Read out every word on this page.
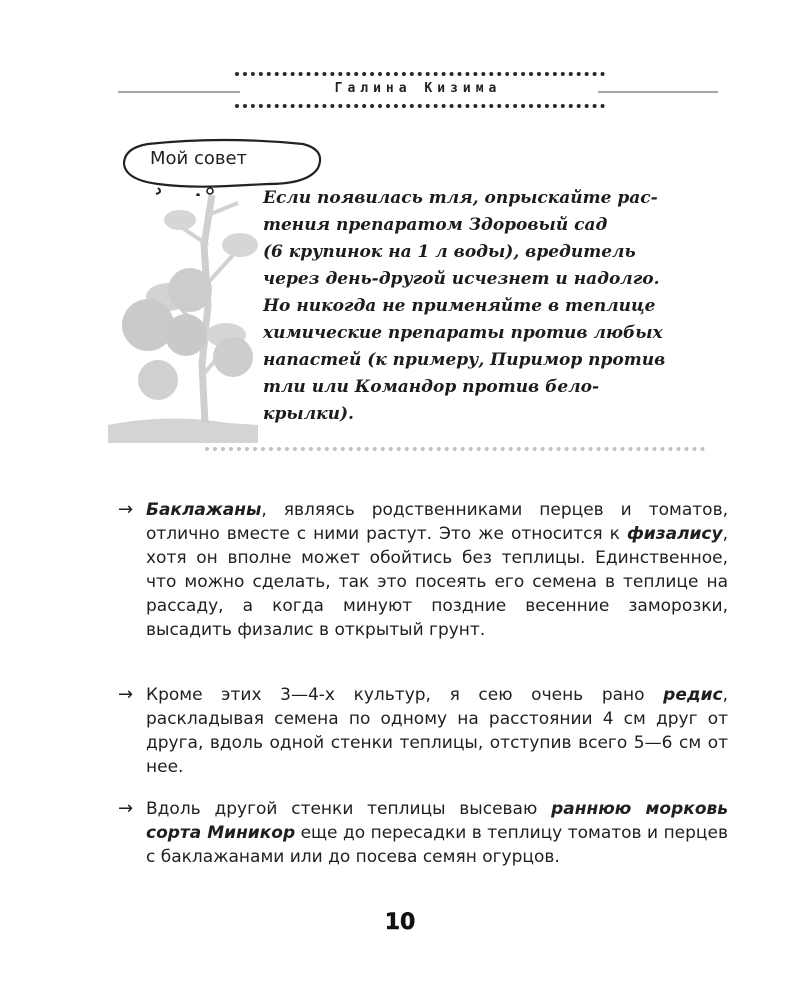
Галина Кизима
Мой совет
Если появилась тля, опрыскайте рас-
тения препаратом Здоровый сад
(6 крупинок на 1 л воды), вредитель
через день-другой исчезнет и надолго.
Но никогда не применяйте в теплице
химические препараты против любых
напастей (к примеру, Пиримор против
тли или Командор против бело-
крылки).
→ Баклажаны, являясь родственниками перцев и томатов, отлично вместе с ними растут. Это же относится к физалису, хотя он вполне может обойтись без теплицы. Единственное, что можно сделать, так это посеять его семена в теплице на рассаду, а когда минуют поздние весенние заморозки, высадить физалис в открытый грунт.
→ Кроме этих 3—4-х культур, я сею очень рано редис, раскладывая семена по одному на расстоянии 4 см друг от друга, вдоль одной стенки теплицы, отступив всего 5—6 см от нее.
→ Вдоль другой стенки теплицы высеваю раннюю морковь сорта Миникор еще до пересадки в теплицу томатов и перцев с баклажанами или до посева семян огурцов.
10
